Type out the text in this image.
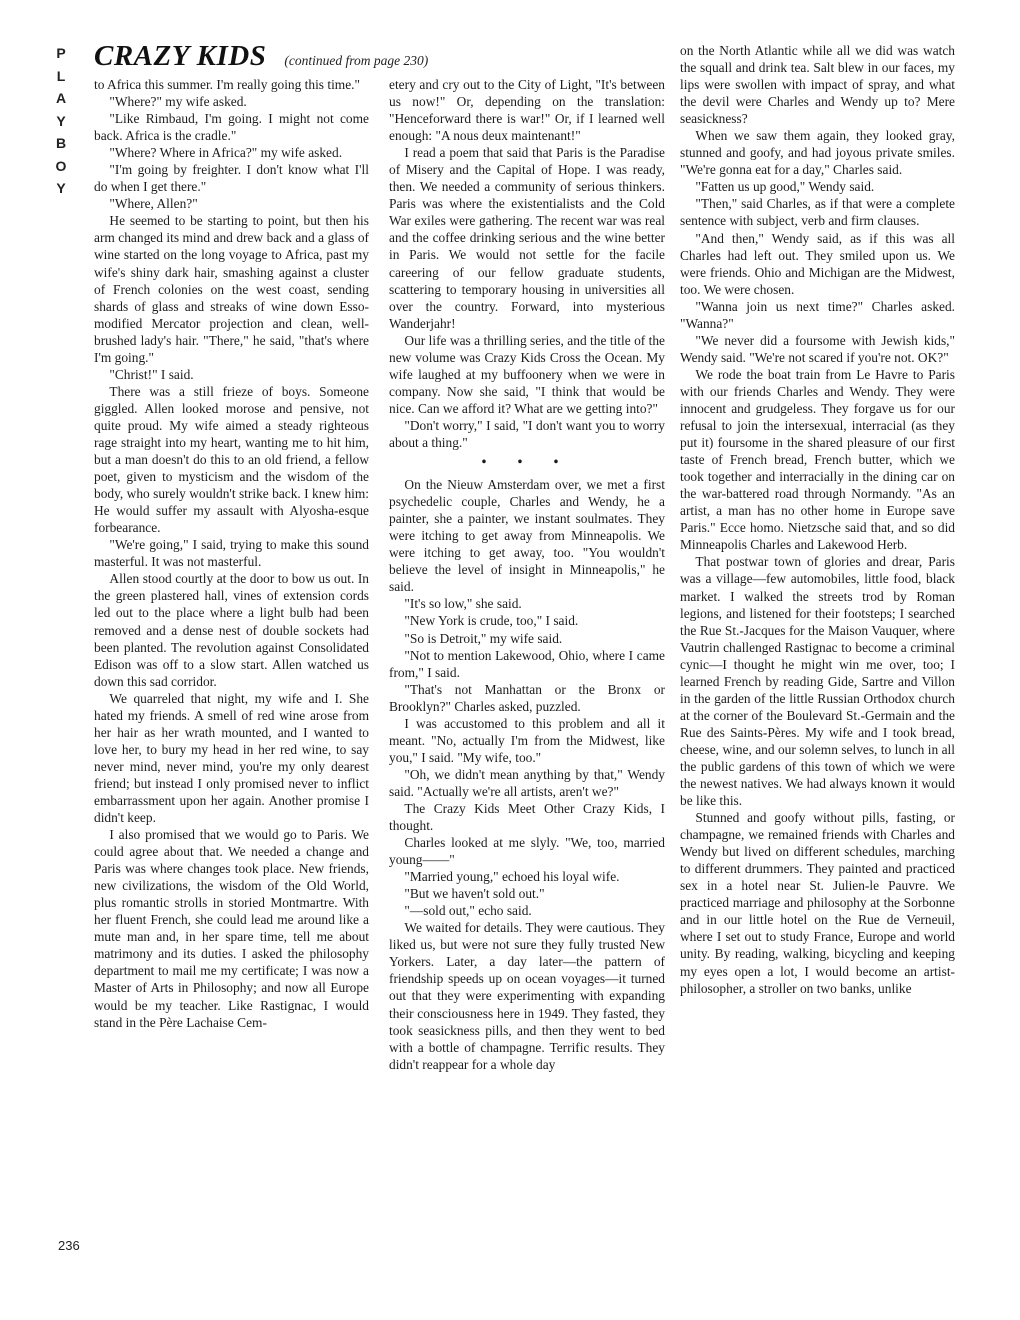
P
L
A
Y
B
O
Y
CRAZY KIDS (continued from page 230)

to Africa this summer. I'm really going this time."

"Where?" my wife asked.

"Like Rimbaud, I'm going. I might not come back. Africa is the cradle."

"Where? Where in Africa?" my wife asked.

"I'm going by freighter. I don't know what I'll do when I get there."

"Where, Allen?"

He seemed to be starting to point, but then his arm changed its mind and drew back and a glass of wine started on the long voyage to Africa, past my wife's shiny dark hair, smashing against a cluster of French colonies on the west coast, sending shards of glass and streaks of wine down Esso-modified Mercator projection and clean, well-brushed lady's hair. "There," he said, "that's where I'm going."

"Christ!" I said.

There was a still frieze of boys. Someone giggled. Allen looked morose and pensive, not quite proud. My wife aimed a steady righteous rage straight into my heart, wanting me to hit him, but a man doesn't do this to an old friend, a fellow poet, given to mysticism and the wisdom of the body, who surely wouldn't strike back. I knew him: He would suffer my assault with Alyosha-esque forbearance.

"We're going," I said, trying to make this sound masterful. It was not masterful.

Allen stood courtly at the door to bow us out. In the green plastered hall, vines of extension cords led out to the place where a light bulb had been removed and a dense nest of double sockets had been planted. The revolution against Consolidated Edison was off to a slow start. Allen watched us down this sad corridor.

We quarreled that night, my wife and I. She hated my friends. A smell of red wine arose from her hair as her wrath mounted, and I wanted to love her, to bury my head in her red wine, to say never mind, never mind, you're my only dearest friend; but instead I only promised never to inflict embarrassment upon her again. Another promise I didn't keep.

I also promised that we would go to Paris. We could agree about that. We needed a change and Paris was where changes took place. New friends, new civilizations, the wisdom of the Old World, plus romantic strolls in storied Montmartre. With her fluent French, she could lead me around like a mute man and, in her spare time, tell me about matrimony and its duties. I asked the philosophy department to mail me my certificate; I was now a Master of Arts in Philosophy; and now all Europe would be my teacher. Like Rastignac, I would stand in the Père Lachaise Cem-

etery and cry out to the City of Light, "It's between us now!" Or, depending on the translation: "Henceforward there is war!" Or, if I learned well enough: "A nous deux maintenant!"

I read a poem that said that Paris is the Paradise of Misery and the Capital of Hope. I was ready, then. We needed a community of serious thinkers. Paris was where the existentialists and the Cold War exiles were gathering. The recent war was real and the coffee drinking serious and the wine better in Paris. We would not settle for the facile careering of our fellow graduate students, scattering to temporary housing in universities all over the country. Forward, into mysterious Wanderjahr!

Our life was a thrilling series, and the title of the new volume was Crazy Kids Cross the Ocean. My wife laughed at my buffoonery when we were in company. Now she said, "I think that would be nice. Can we afford it? What are we getting into?"

"Don't worry," I said, "I don't want you to worry about a thing."

• • •

On the Nieuw Amsterdam over, we met a first psychedelic couple, Charles and Wendy, he a painter, she a painter, we instant soulmates. They were itching to get away from Minneapolis. We were itching to get away, too. "You wouldn't believe the level of insight in Minneapolis," he said.

"It's so low," she said.

"New York is crude, too," I said.

"So is Detroit," my wife said.

"Not to mention Lakewood, Ohio, where I came from," I said.

"That's not Manhattan or the Bronx or Brooklyn?" Charles asked, puzzled.

I was accustomed to this problem and all it meant. "No, actually I'm from the Midwest, like you," I said. "My wife, too."

"Oh, we didn't mean anything by that," Wendy said. "Actually we're all artists, aren't we?"

The Crazy Kids Meet Other Crazy Kids, I thought.

Charles looked at me slyly. "We, too, married young——"

"Married young," echoed his loyal wife.

"But we haven't sold out."

"—sold out," echo said.

We waited for details. They were cautious. They liked us, but were not sure they fully trusted New Yorkers. Later, a day later—the pattern of friendship speeds up on ocean voyages—it turned out that they were experimenting with expanding their consciousness here in 1949. They fasted, they took seasickness pills, and then they went to bed with a bottle of champagne. Terrific results. They didn't reappear for a whole day

on the North Atlantic while all we did was watch the squall and drink tea. Salt blew in our faces, my lips were swollen with impact of spray, and what the devil were Charles and Wendy up to? Mere seasickness?

When we saw them again, they looked gray, stunned and goofy, and had joyous private smiles. "We're gonna eat for a day," Charles said.

"Fatten us up good," Wendy said.

"Then," said Charles, as if that were a complete sentence with subject, verb and firm clauses.

"And then," Wendy said, as if this was all Charles had left out. They smiled upon us. We were friends. Ohio and Michigan are the Midwest, too. We were chosen.

"Wanna join us next time?" Charles asked. "Wanna?"

"We never did a foursome with Jewish kids," Wendy said. "We're not scared if you're not. OK?"

We rode the boat train from Le Havre to Paris with our friends Charles and Wendy. They were innocent and grudgeless. They forgave us for our refusal to join the intersexual, interracial (as they put it) foursome in the shared pleasure of our first taste of French bread, French butter, which we took together and interracially in the dining car on the war-battered road through Normandy. "As an artist, a man has no other home in Europe save Paris." Ecce homo. Nietzsche said that, and so did Minneapolis Charles and Lakewood Herb.

That postwar town of glories and drear, Paris was a village—few automobiles, little food, black market. I walked the streets trod by Roman legions, and listened for their footsteps; I searched the Rue St.-Jacques for the Maison Vauquer, where Vautrin challenged Rastignac to become a criminal cynic—I thought he might win me over, too; I learned French by reading Gide, Sartre and Villon in the garden of the little Russian Orthodox church at the corner of the Boulevard St.-Germain and the Rue des Saints-Pères. My wife and I took bread, cheese, wine, and our solemn selves, to lunch in all the public gardens of this town of which we were the newest natives. We had always known it would be like this.

Stunned and goofy without pills, fasting, or champagne, we remained friends with Charles and Wendy but lived on different schedules, marching to different drummers. They painted and practiced sex in a hotel near St. Julien-le Pauvre. We practiced marriage and philosophy at the Sorbonne and in our little hotel on the Rue de Verneuil, where I set out to study France, Europe and world unity. By reading, walking, bicycling and keeping my eyes open a lot, I would become an artist-philosopher, a stroller on two banks, unlike

236
